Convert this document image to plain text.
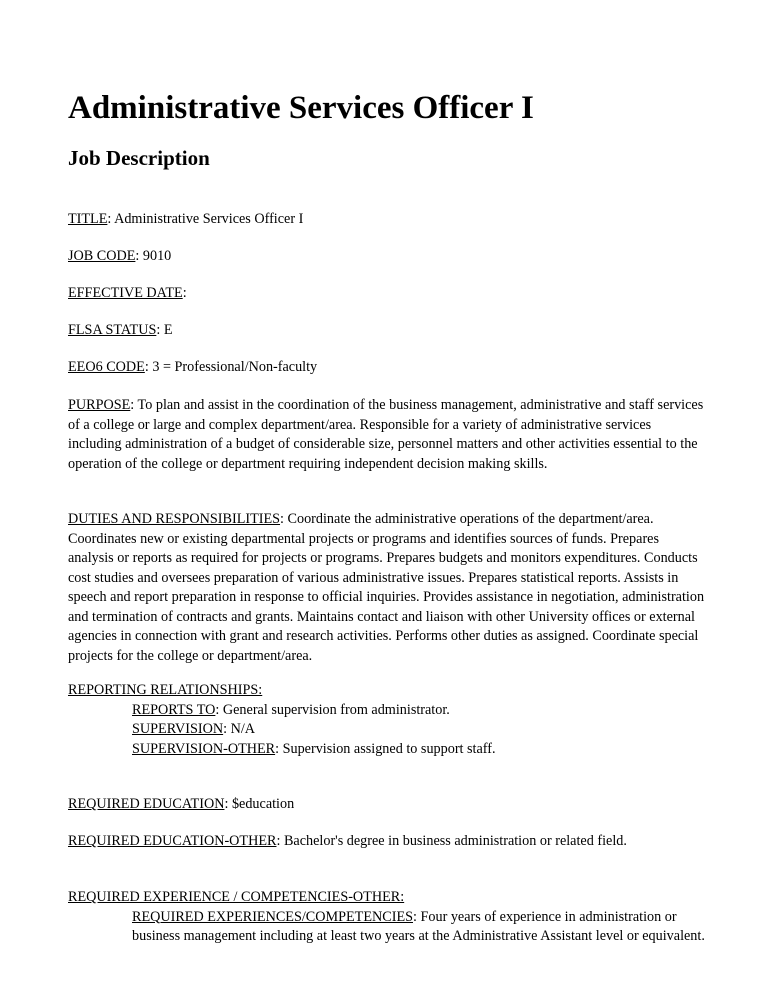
Administrative Services Officer I
Job Description

TITLE: Administrative Services Officer I

JOB CODE: 9010

EFFECTIVE DATE:

FLSA STATUS: E

EEO6 CODE: 3 = Professional/Non-faculty

PURPOSE: To plan and assist in the coordination of the business management, administrative and staff services of a college or large and complex department/area. Responsible for a variety of administrative services including administration of a budget of considerable size, personnel matters and other activities essential to the operation of the college or department requiring independent decision making skills.

DUTIES AND RESPONSIBILITIES: Coordinate the administrative operations of the department/area. Coordinates new or existing departmental projects or programs and identifies sources of funds. Prepares analysis or reports as required for projects or programs. Prepares budgets and monitors expenditures. Conducts cost studies and oversees preparation of various administrative issues. Prepares statistical reports. Assists in speech and report preparation in response to official inquiries. Provides assistance in negotiation, administration and termination of contracts and grants. Maintains contact and liaison with other University offices or external agencies in connection with grant and research activities. Performs other duties as assigned. Coordinate special projects for the college or department/area.

REPORTING RELATIONSHIPS:
REPORTS TO: General supervision from administrator.
SUPERVISION: N/A
SUPERVISION-OTHER: Supervision assigned to support staff.

REQUIRED EDUCATION: $education

REQUIRED EDUCATION-OTHER: Bachelor's degree in business administration or related field.

REQUIRED EXPERIENCE / COMPETENCIES-OTHER:
REQUIRED EXPERIENCES/COMPETENCIES: Four years of experience in administration or business management including at least two years at the Administrative Assistant level or equivalent.
